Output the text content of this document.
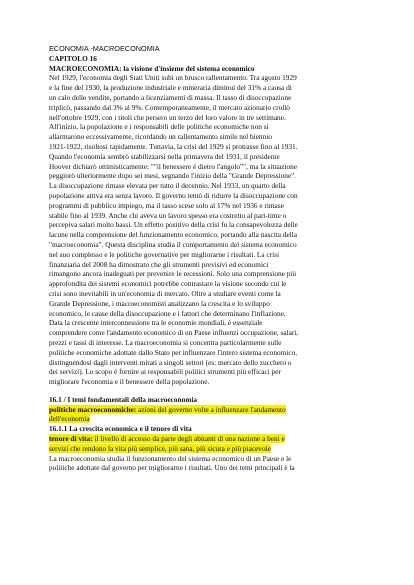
ECONOMIA -MACROECONOMIA

CAPITOLO 16

MACROECONOMIA: la visione d'insieme del sistema economico

Nel 1929, l'economia degli Stati Uniti subì un brusco rallentamento. Tra agosto 1929

e la fine del 1930, la produzione industriale e mineraria diminuì del 31% a causa di

un calo delle vendite, portando a licenziamenti di massa. Il tasso di disoccupazione

triplicò, passando dal 3% al 9%. Contemporaneamente, il mercato azionario crollò

nell'ottobre 1929, con i titoli che persero un terzo del loro valore in tre settimane.

All'inizio, la popolazione e i responsabili delle politiche economiche non si

allarmarono eccessivamente, ricordando un rallentamento simile nel biennio

1921-1922, risoltosi rapidamente. Tuttavia, la crisi del 1929 si protrasse fino al 1931.

Quando l'economia sembrò stabilizzarsi nella primavera del 1931, il presidente

Hoover dichiarò ottimisticamente: ""il benessere è dietro l'angolo"", ma la situazione

peggiorò ulteriormente dopo sei mesi, segnando l'inizio della "Grande Depressione".

La disoccupazione rimase elevata per tutto il decennio. Nel 1933, un quarto della

popolazione attiva era senza lavoro. Il governo tentò di ridurre la disoccupazione con

programmi di pubblico impiego, ma il tasso scese solo al 17% nel 1936 e rimase

stabile fino al 1939. Anche chi aveva un lavoro spesso era costretto al part-time o

percepiva salari molto bassi. Un effetto positivo della crisi fu la consapevolezza delle

lacune nella comprensione del funzionamento economico, portando alla nascita della

"macroeconomia". Questa disciplina studia il comportamento del sistema economico

nel suo complesso e le politiche governative per migliorarne i risultati. La crisi

finanziaria del 2008 ha dimostrato che gli strumenti previsivi ed economici

rimangono ancora inadeguati per prevenire le recessioni. Solo una comprensione più

approfondita dei sistemi economici potrebbe contrastare la visione secondo cui le

crisi sono inevitabili in un'economia di mercato. Oltre a studiare eventi come la

Grande Depressione, i macroeconomisti analizzano la crescita e lo sviluppo

economico, le cause della disoccupazione e i fattori che determinano l'inflazione.

Data la crescente interconnessione tra le economie mondiali, è essenziale

comprendere come l'andamento economico di un Paese influenzi occupazione, salari,

prezzi e tassi di interesse. La macroeconomia si concentra particolarmente sulle

politiche economiche adottate dallo Stato per influenzare l'intero sistema economico,

distinguendosi dagli interventi mirati a singoli settori (es: mercato dello zucchero o

dei servizi). Lo scopo è fornire ai responsabili politici strumenti più efficaci per

migliorare l'economia e il benessere della popolazione.

16.1 / I temi fondamentali della macroeconomia

politiche macroeconomiche: azioni del governo volte a influenzare l'andamento

dell'economia

16.1.1 La crescita economica e il tenore di vita

tenore di vita: il livello di accesso da parte degli abitanti di una nazione a beni e

servizi che rendono la vita più semplice, più sana, più sicura e più piacevole

La macroeconomia studia il funzionamento del sistema economico di un Paese e le

politiche adottate dal governo per migliorarne i risultati. Uno dei temi principali è la
